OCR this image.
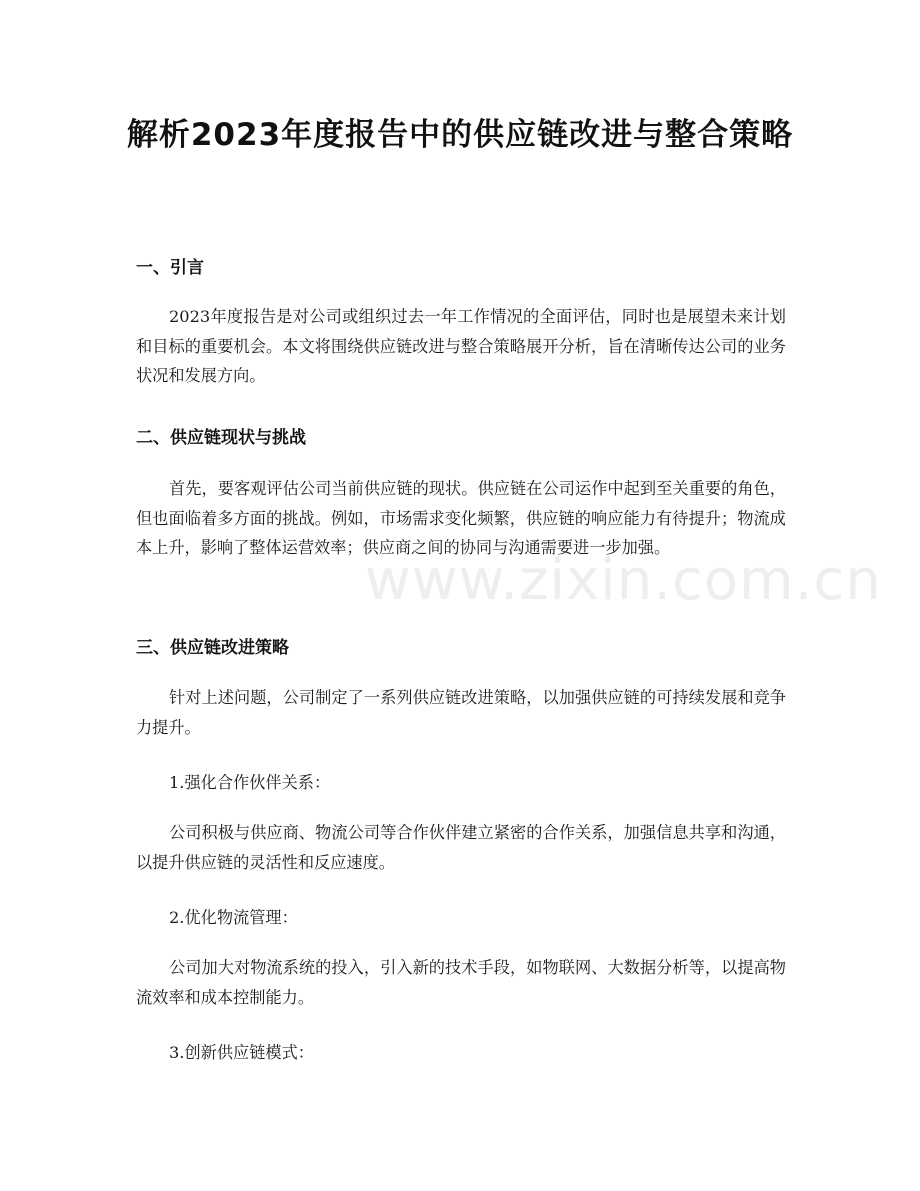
www.zixin.com.cn
解析2023年度报告中的供应链改进与整合策略
一、引言

2023年度报告是对公司或组织过去一年工作情况的全面评估，同时也是展望未来计划和目标的重要机会。本文将围绕供应链改进与整合策略展开分析，旨在清晰传达公司的业务状况和发展方向。

二、供应链现状与挑战

首先，要客观评估公司当前供应链的现状。供应链在公司运作中起到至关重要的角色，但也面临着多方面的挑战。例如，市场需求变化频繁，供应链的响应能力有待提升；物流成本上升，影响了整体运营效率；供应商之间的协同与沟通需要进一步加强。

三、供应链改进策略

针对上述问题，公司制定了一系列供应链改进策略，以加强供应链的可持续发展和竞争力提升。

1.强化合作伙伴关系：

公司积极与供应商、物流公司等合作伙伴建立紧密的合作关系，加强信息共享和沟通，以提升供应链的灵活性和反应速度。

2.优化物流管理：

公司加大对物流系统的投入，引入新的技术手段，如物联网、大数据分析等，以提高物流效率和成本控制能力。

3.创新供应链模式：
